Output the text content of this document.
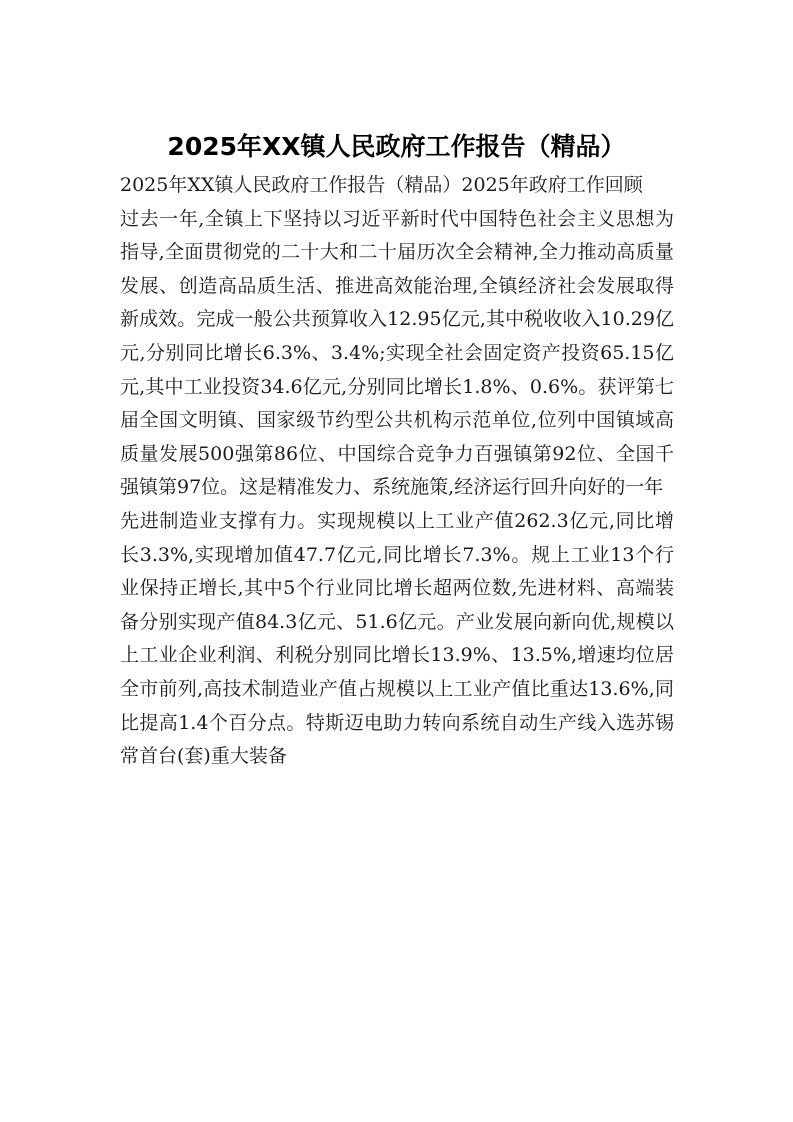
2025年XX镇人民政府工作报告（精品）

2025年XX镇人民政府工作报告（精品）2025年政府工作回顾

过去一年,全镇上下坚持以习近平新时代中国特色社会主义思想为指导,全面贯彻党的二十大和二十届历次全会精神,全力推动高质量发展、创造高品质生活、推进高效能治理,全镇经济社会发展取得新成效。完成一般公共预算收入12.95亿元,其中税收收入10.29亿元,分别同比增长6.3%、3.4%;实现全社会固定资产投资65.15亿元,其中工业投资34.6亿元,分别同比增长1.8%、0.6%。获评第七届全国文明镇、国家级节约型公共机构示范单位,位列中国镇域高质量发展500强第86位、中国综合竞争力百强镇第92位、全国千强镇第97位。这是精准发力、系统施策,经济运行回升向好的一年

先进制造业支撑有力。实现规模以上工业产值262.3亿元,同比增长3.3%,实现增加值47.7亿元,同比增长7.3%。规上工业13个行业保持正增长,其中5个行业同比增长超两位数,先进材料、高端装备分别实现产值84.3亿元、51.6亿元。产业发展向新向优,规模以上工业企业利润、利税分别同比增长13.9%、13.5%,增速均位居全市前列,高技术制造业产值占规模以上工业产值比重达13.6%,同比提高1.4个百分点。特斯迈电助力转向系统自动生产线入选苏锡常首台(套)重大装备
